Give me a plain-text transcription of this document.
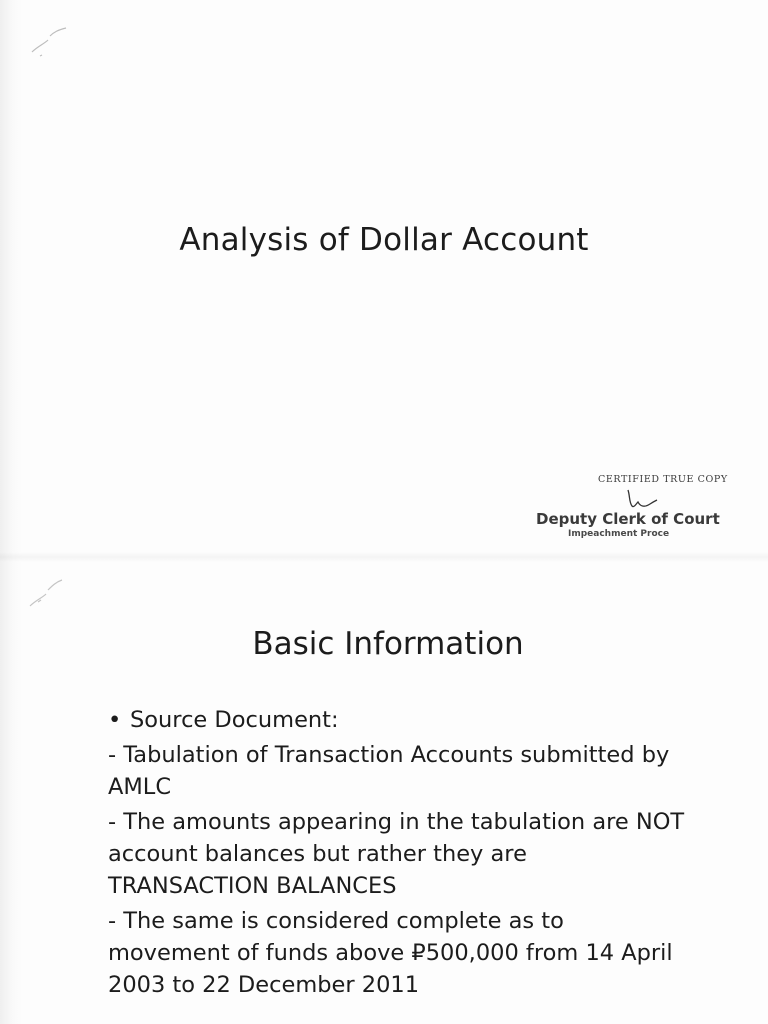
Analysis of Dollar Account
CERTIFIED TRUE COPY
Deputy Clerk of Court
Impeachment Proce
Basic Information
• Source Document:
- Tabulation of Transaction Accounts submitted by AMLC
- The amounts appearing in the tabulation are NOT account balances but rather they are TRANSACTION BALANCES
- The same is considered complete as to movement of funds above ₽500,000 from 14 April 2003 to 22 December 2011
